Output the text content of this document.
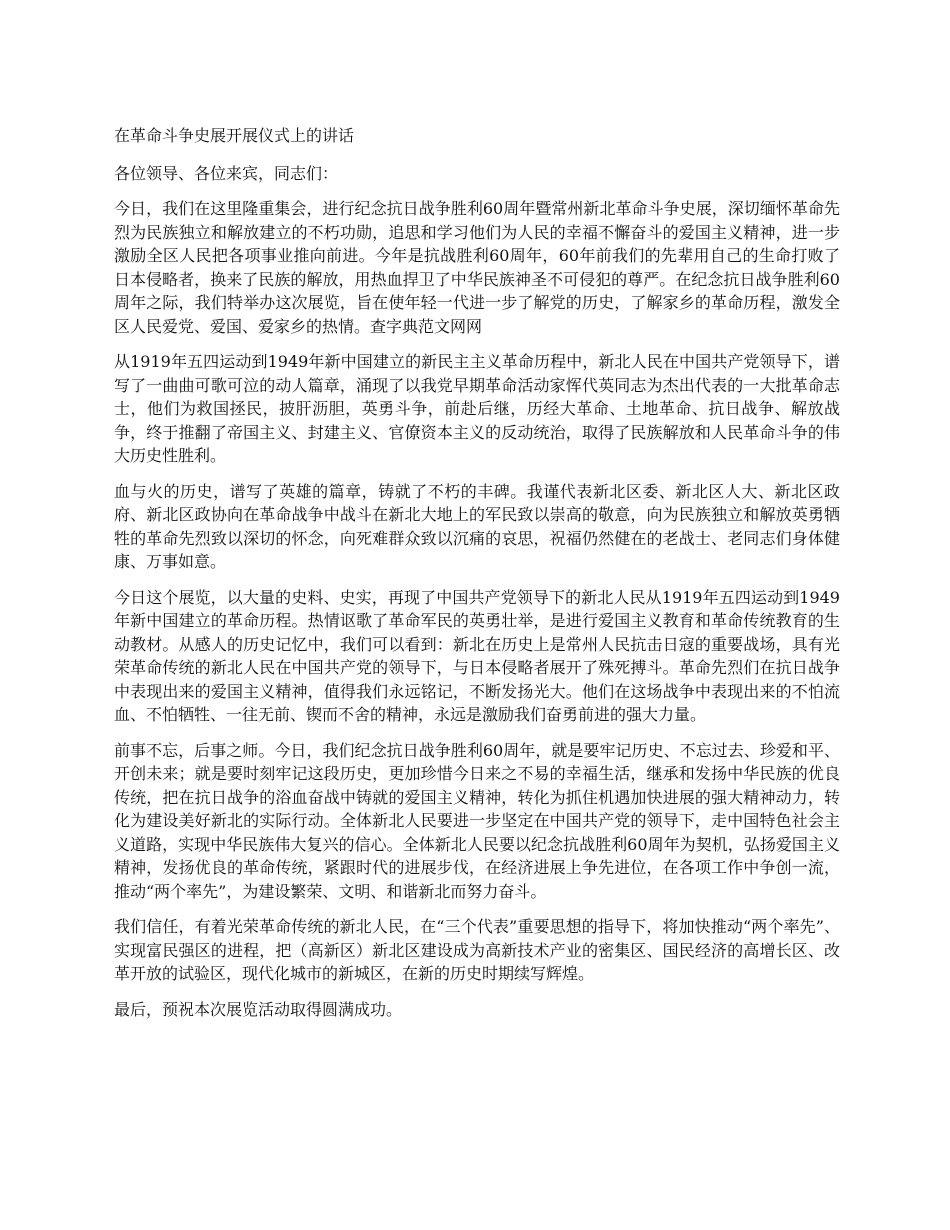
在革命斗争史展开展仪式上的讲话

各位领导、各位来宾，同志们：

今日，我们在这里隆重集会，进行纪念抗日战争胜利60周年暨常州新北革命斗争史展，深切缅怀革命先烈为民族独立和解放建立的不朽功勋，追思和学习他们为人民的幸福不懈奋斗的爱国主义精神，进一步激励全区人民把各项事业推向前进。今年是抗战胜利60周年，60年前我们的先辈用自己的生命打败了日本侵略者，换来了民族的解放，用热血捍卫了中华民族神圣不可侵犯的尊严。在纪念抗日战争胜利60周年之际，我们特举办这次展览，旨在使年轻一代进一步了解党的历史，了解家乡的革命历程，激发全区人民爱党、爱国、爱家乡的热情。查字典范文网网

从1919年五四运动到1949年新中国建立的新民主主义革命历程中，新北人民在中国共产党领导下，谱写了一曲曲可歌可泣的动人篇章，涌现了以我党早期革命活动家恽代英同志为杰出代表的一大批革命志士，他们为救国拯民，披肝沥胆，英勇斗争，前赴后继，历经大革命、土地革命、抗日战争、解放战争，终于推翻了帝国主义、封建主义、官僚资本主义的反动统治，取得了民族解放和人民革命斗争的伟大历史性胜利。

血与火的历史，谱写了英雄的篇章，铸就了不朽的丰碑。我谨代表新北区委、新北区人大、新北区政府、新北区政协向在革命战争中战斗在新北大地上的军民致以崇高的敬意，向为民族独立和解放英勇牺牲的革命先烈致以深切的怀念，向死难群众致以沉痛的哀思，祝福仍然健在的老战士、老同志们身体健康、万事如意。

今日这个展览，以大量的史料、史实，再现了中国共产党领导下的新北人民从1919年五四运动到1949年新中国建立的革命历程。热情讴歌了革命军民的英勇壮举，是进行爱国主义教育和革命传统教育的生动教材。从感人的历史记忆中，我们可以看到：新北在历史上是常州人民抗击日寇的重要战场，具有光荣革命传统的新北人民在中国共产党的领导下，与日本侵略者展开了殊死搏斗。革命先烈们在抗日战争中表现出来的爱国主义精神，值得我们永远铭记，不断发扬光大。他们在这场战争中表现出来的不怕流血、不怕牺牲、一往无前、锲而不舍的精神，永远是激励我们奋勇前进的强大力量。

前事不忘，后事之师。今日，我们纪念抗日战争胜利60周年，就是要牢记历史、不忘过去、珍爱和平、开创未来；就是要时刻牢记这段历史，更加珍惜今日来之不易的幸福生活，继承和发扬中华民族的优良传统，把在抗日战争的浴血奋战中铸就的爱国主义精神，转化为抓住机遇加快进展的强大精神动力，转化为建设美好新北的实际行动。全体新北人民要进一步坚定在中国共产党的领导下，走中国特色社会主义道路，实现中华民族伟大复兴的信心。全体新北人民要以纪念抗战胜利60周年为契机，弘扬爱国主义精神，发扬优良的革命传统，紧跟时代的进展步伐，在经济进展上争先进位，在各项工作中争创一流，推动“两个率先”，为建设繁荣、文明、和谐新北而努力奋斗。

我们信任，有着光荣革命传统的新北人民，在“三个代表”重要思想的指导下，将加快推动“两个率先”、实现富民强区的进程，把（高新区）新北区建设成为高新技术产业的密集区、国民经济的高增长区、改革开放的试验区，现代化城市的新城区，在新的历史时期续写辉煌。

最后，预祝本次展览活动取得圆满成功。
